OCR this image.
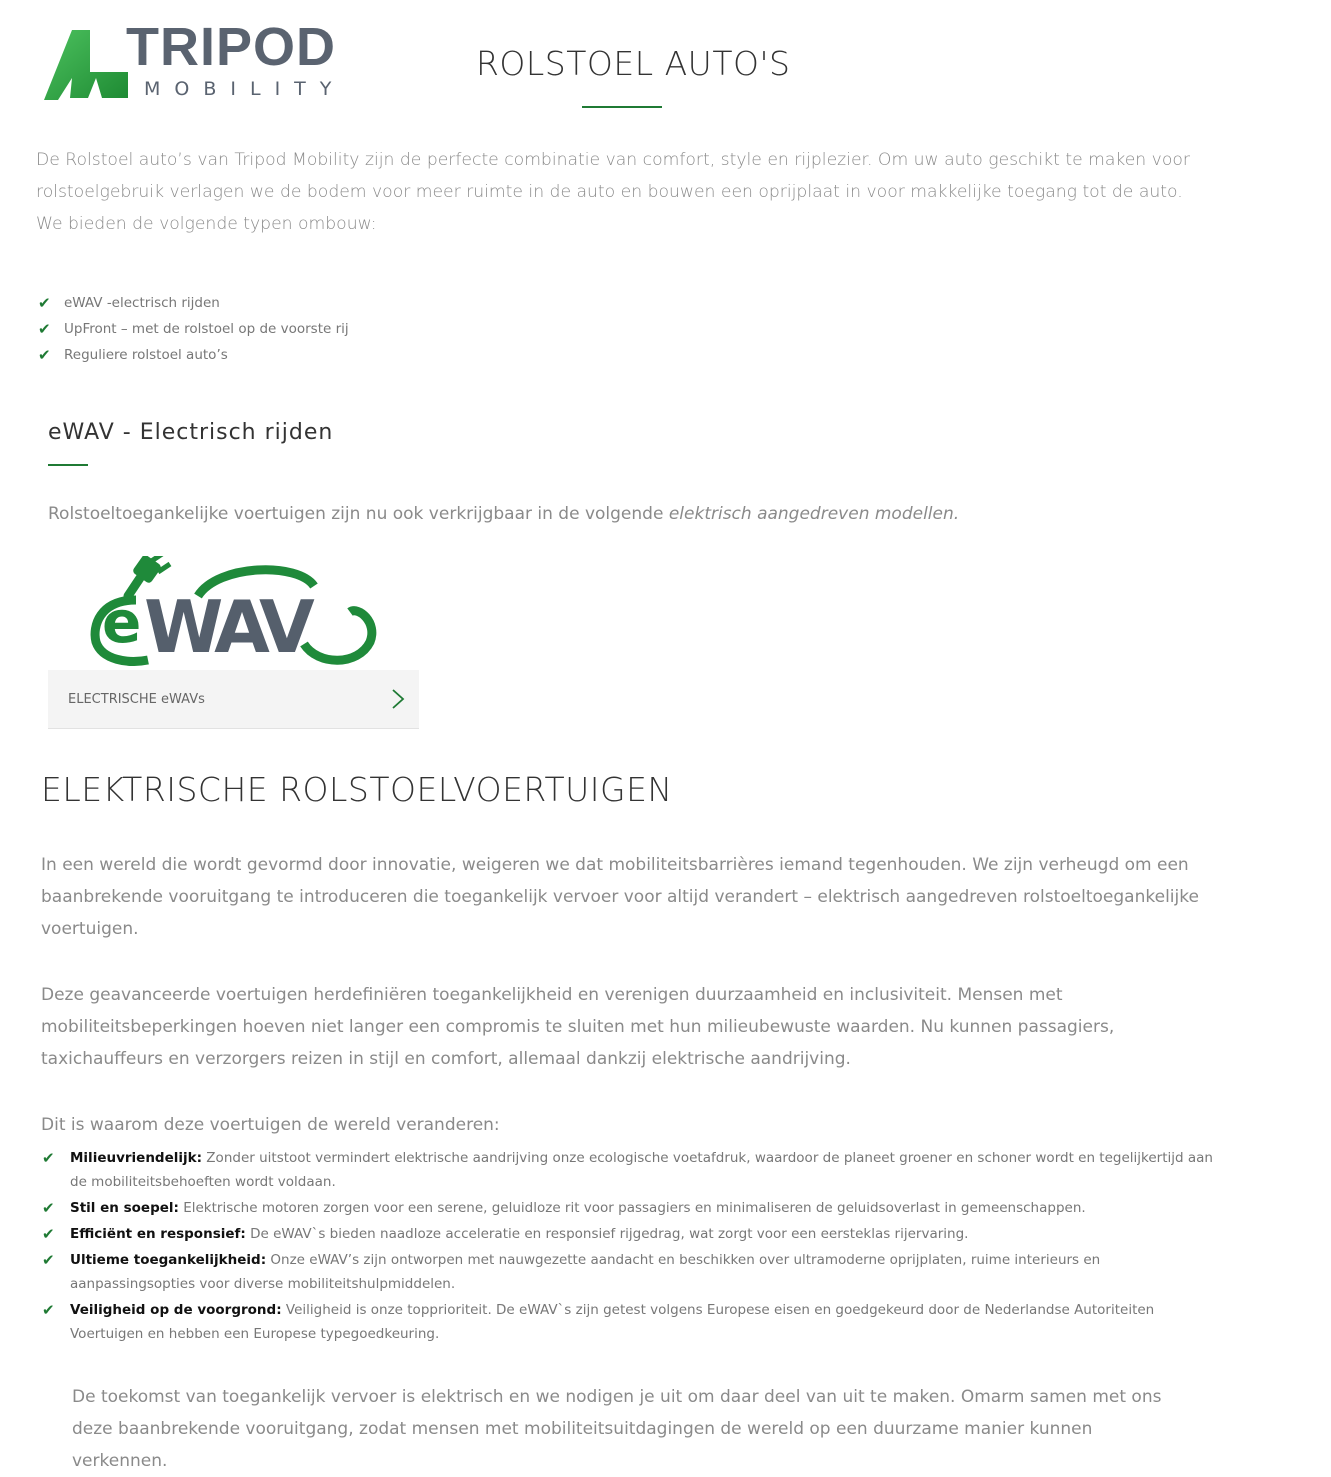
TRIPOD
MOBILITY
ROLSTOEL AUTO'S

De Rolstoel auto’s van Tripod Mobility zijn de perfecte combinatie van comfort, style en rijplezier. Om uw auto geschikt te maken voor rolstoelgebruik verlagen we de bodem voor meer ruimte in de auto en bouwen een oprijplaat in voor makkelijke toegang tot de auto. We bieden de volgende typen ombouw:

✔ eWAV -electrisch rijden
✔ UpFront – met de rolstoel op de voorste rij
✔ Reguliere rolstoel auto’s
eWAV - Electrisch rijden

Rolstoeltoegankelijke voertuigen zijn nu ook verkrijgbaar in de volgende elektrisch aangedreven modellen.

e WAV
ELECTRISCHE eWAVs
ELEKTRISCHE ROLSTOELVOERTUIGEN

In een wereld die wordt gevormd door innovatie, weigeren we dat mobiliteitsbarrières iemand tegenhouden. We zijn verheugd om een baanbrekende vooruitgang te introduceren die toegankelijk vervoer voor altijd verandert – elektrisch aangedreven rolstoeltoegankelijke voertuigen.

Deze geavanceerde voertuigen herdefiniëren toegankelijkheid en verenigen duurzaamheid en inclusiviteit. Mensen met mobiliteitsbeperkingen hoeven niet langer een compromis te sluiten met hun milieubewuste waarden. Nu kunnen passagiers, taxichauffeurs en verzorgers reizen in stijl en comfort, allemaal dankzij elektrische aandrijving.

Dit is waarom deze voertuigen de wereld veranderen:

✔	Milieuvriendelijk: Zonder uitstoot vermindert elektrische aandrijving onze ecologische voetafdruk, waardoor de planeet groener en schoner wordt en tegelijkertijd aan de mobiliteitsbehoeften wordt voldaan.
✔	Stil en soepel: Elektrische motoren zorgen voor een serene, geluidloze rit voor passagiers en minimaliseren de geluidsoverlast in gemeenschappen.
✔	Efficiënt en responsief: De eWAV`s bieden naadloze acceleratie en responsief rijgedrag, wat zorgt voor een eersteklas rijervaring.
✔	Ultieme toegankelijkheid: Onze eWAV’s zijn ontworpen met nauwgezette aandacht en beschikken over ultramoderne oprijplaten, ruime interieurs en aanpassingsopties voor diverse mobiliteitshulpmiddelen.
✔	Veiligheid op de voorgrond: Veiligheid is onze topprioriteit. De eWAV`s zijn getest volgens Europese eisen en goedgekeurd door de Nederlandse Autoriteiten Voertuigen en hebben een Europese typegoedkeuring.

De toekomst van toegankelijk vervoer is elektrisch en we nodigen je uit om daar deel van uit te maken. Omarm samen met ons deze baanbrekende vooruitgang, zodat mensen met mobiliteitsuitdagingen de wereld op een duurzame manier kunnen verkennen.
